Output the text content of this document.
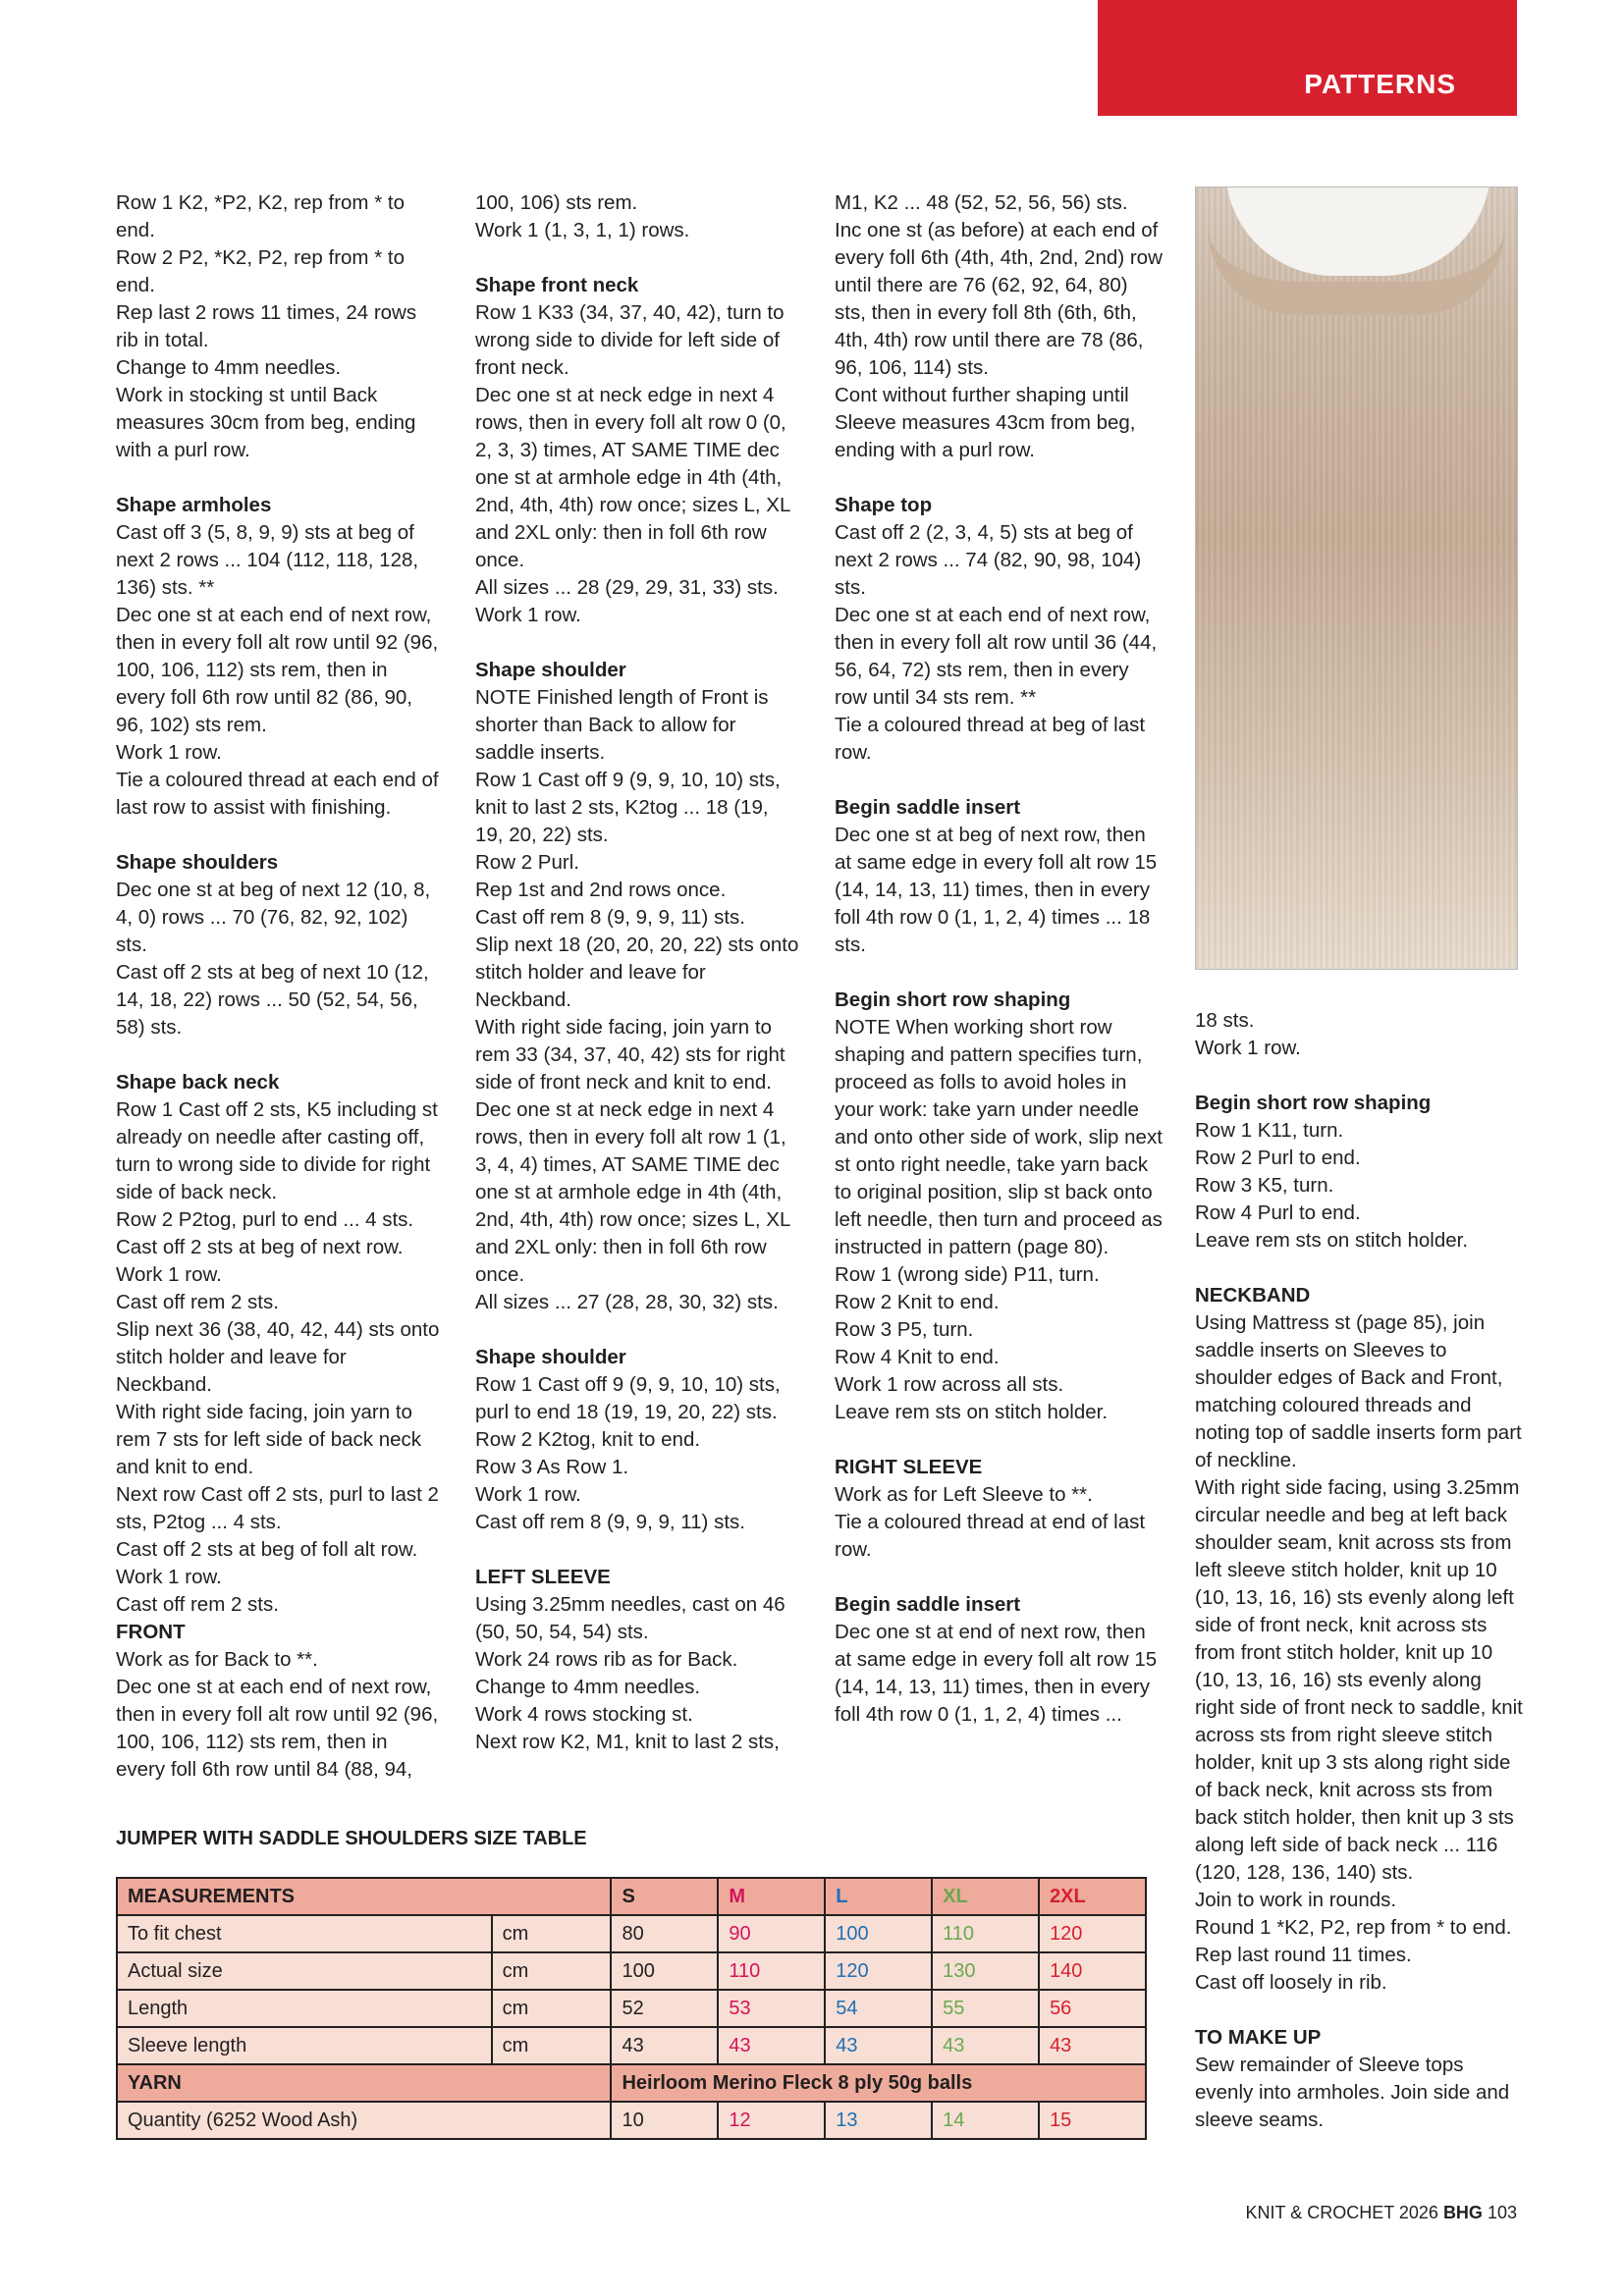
PATTERNS

Row 1 K2, *P2, K2, rep from * to end.

Row 2 P2, *K2, P2, rep from * to end.

Rep last 2 rows 11 times, 24 rows rib in total.

Change to 4mm needles.

Work in stocking st until Back measures 30cm from beg, ending with a purl row.

Shape armholes

Cast off 3 (5, 8, 9, 9) sts at beg of next 2 rows ... 104 (112, 118, 128, 136) sts. **

Dec one st at each end of next row, then in every foll alt row until 92 (96, 100, 106, 112) sts rem, then in every foll 6th row until 82 (86, 90, 96, 102) sts rem.

Work 1 row.

Tie a coloured thread at each end of last row to assist with finishing.

Shape shoulders

Dec one st at beg of next 12 (10, 8, 4, 0) rows ... 70 (76, 82, 92, 102) sts.

Cast off 2 sts at beg of next 10 (12, 14, 18, 22) rows ... 50 (52, 54, 56, 58) sts.

Shape back neck

Row 1 Cast off 2 sts, K5 including st already on needle after casting off, turn to wrong side to divide for right side of back neck.

Row 2 P2tog, purl to end ... 4 sts.

Cast off 2 sts at beg of next row.

Work 1 row.

Cast off rem 2 sts.

Slip next 36 (38, 40, 42, 44) sts onto stitch holder and leave for Neckband.

With right side facing, join yarn to rem 7 sts for left side of back neck and knit to end.

Next row Cast off 2 sts, purl to last 2 sts, P2tog ... 4 sts.

Cast off 2 sts at beg of foll alt row.

Work 1 row.

Cast off rem 2 sts.

FRONT

Work as for Back to **.

Dec one st at each end of next row, then in every foll alt row until 92 (96, 100, 106, 112) sts rem, then in every foll 6th row until 84 (88, 94,

100, 106) sts rem.

Work 1 (1, 3, 1, 1) rows.

Shape front neck

Row 1 K33 (34, 37, 40, 42), turn to wrong side to divide for left side of front neck.

Dec one st at neck edge in next 4 rows, then in every foll alt row 0 (0, 2, 3, 3) times, AT SAME TIME dec one st at armhole edge in 4th (4th, 2nd, 4th, 4th) row once; sizes L, XL and 2XL only: then in foll 6th row once.

All sizes ... 28 (29, 29, 31, 33) sts.

Work 1 row.

Shape shoulder

NOTE Finished length of Front is shorter than Back to allow for saddle inserts.

Row 1 Cast off 9 (9, 9, 10, 10) sts, knit to last 2 sts, K2tog ... 18 (19, 19, 20, 22) sts.

Row 2 Purl.

Rep 1st and 2nd rows once.

Cast off rem 8 (9, 9, 9, 11) sts.

Slip next 18 (20, 20, 20, 22) sts onto stitch holder and leave for Neckband.

With right side facing, join yarn to rem 33 (34, 37, 40, 42) sts for right side of front neck and knit to end.

Dec one st at neck edge in next 4 rows, then in every foll alt row 1 (1, 3, 4, 4) times, AT SAME TIME dec one st at armhole edge in 4th (4th, 2nd, 4th, 4th) row once; sizes L, XL and 2XL only: then in foll 6th row once.

All sizes ... 27 (28, 28, 30, 32) sts.

Shape shoulder

Row 1 Cast off 9 (9, 9, 10, 10) sts, purl to end 18 (19, 19, 20, 22) sts.

Row 2 K2tog, knit to end.

Row 3 As Row 1.

Work 1 row.

Cast off rem 8 (9, 9, 9, 11) sts.

LEFT SLEEVE

Using 3.25mm needles, cast on 46 (50, 50, 54, 54) sts.

Work 24 rows rib as for Back.

Change to 4mm needles.

Work 4 rows stocking st.

Next row K2, M1, knit to last 2 sts,

M1, K2 ... 48 (52, 52, 56, 56) sts.

Inc one st (as before) at each end of every foll 6th (4th, 4th, 2nd, 2nd) row until there are 76 (62, 92, 64, 80) sts, then in every foll 8th (6th, 6th, 4th, 4th) row until there are 78 (86, 96, 106, 114) sts.

Cont without further shaping until Sleeve measures 43cm from beg, ending with a purl row.

Shape top

Cast off 2 (2, 3, 4, 5) sts at beg of next 2 rows ... 74 (82, 90, 98, 104) sts.

Dec one st at each end of next row, then in every foll alt row until 36 (44, 56, 64, 72) sts rem, then in every row until 34 sts rem. **

Tie a coloured thread at beg of last row.

Begin saddle insert

Dec one st at beg of next row, then at same edge in every foll alt row 15 (14, 14, 13, 11) times, then in every foll 4th row 0 (1, 1, 2, 4) times ... 18 sts.

Begin short row shaping

NOTE When working short row shaping and pattern specifies turn, proceed as folls to avoid holes in your work: take yarn under needle and onto other side of work, slip next st onto right needle, take yarn back to original position, slip st back onto left needle, then turn and proceed as instructed in pattern (page 80).

Row 1 (wrong side) P11, turn.

Row 2 Knit to end.

Row 3 P5, turn.

Row 4 Knit to end.

Work 1 row across all sts.

Leave rem sts on stitch holder.

RIGHT SLEEVE

Work as for Left Sleeve to **.

Tie a coloured thread at end of last row.

Begin saddle insert

Dec one st at end of next row, then at same edge in every foll alt row 15 (14, 14, 13, 11) times, then in every foll 4th row 0 (1, 1, 2, 4) times ...

18 sts.

Work 1 row.

Begin short row shaping

Row 1 K11, turn.

Row 2 Purl to end.

Row 3 K5, turn.

Row 4 Purl to end.

Leave rem sts on stitch holder.

NECKBAND

Using Mattress st (page 85), join saddle inserts on Sleeves to shoulder edges of Back and Front, matching coloured threads and noting top of saddle inserts form part of neckline.

With right side facing, using 3.25mm circular needle and beg at left back shoulder seam, knit across sts from left sleeve stitch holder, knit up 10 (10, 13, 16, 16) sts evenly along left side of front neck, knit across sts from front stitch holder, knit up 10 (10, 13, 16, 16) sts evenly along right side of front neck to saddle, knit across sts from right sleeve stitch holder, knit up 3 sts along right side of back neck, knit across sts from back stitch holder, then knit up 3 sts along left side of back neck ... 116 (120, 128, 136, 140) sts.

Join to work in rounds.

Round 1 *K2, P2, rep from * to end.

Rep last round 11 times.

Cast off loosely in rib.

TO MAKE UP

Sew remainder of Sleeve tops evenly into armholes. Join side and sleeve seams.

JUMPER WITH SADDLE SHOULDERS SIZE TABLE
MEASUREMENTS		S	M	L	XL	2XL
To fit chest	cm	80	90	100	110	120
Actual size	cm	100	110	120	130	140
Length	cm	52	53	54	55	56
Sleeve length	cm	43	43	43	43	43
YARN		Heirloom Merino Fleck 8 ply 50g balls				
Quantity (6252 Wood Ash)		10	12	13	14	15
KNIT & CROCHET 2026 BHG 103
